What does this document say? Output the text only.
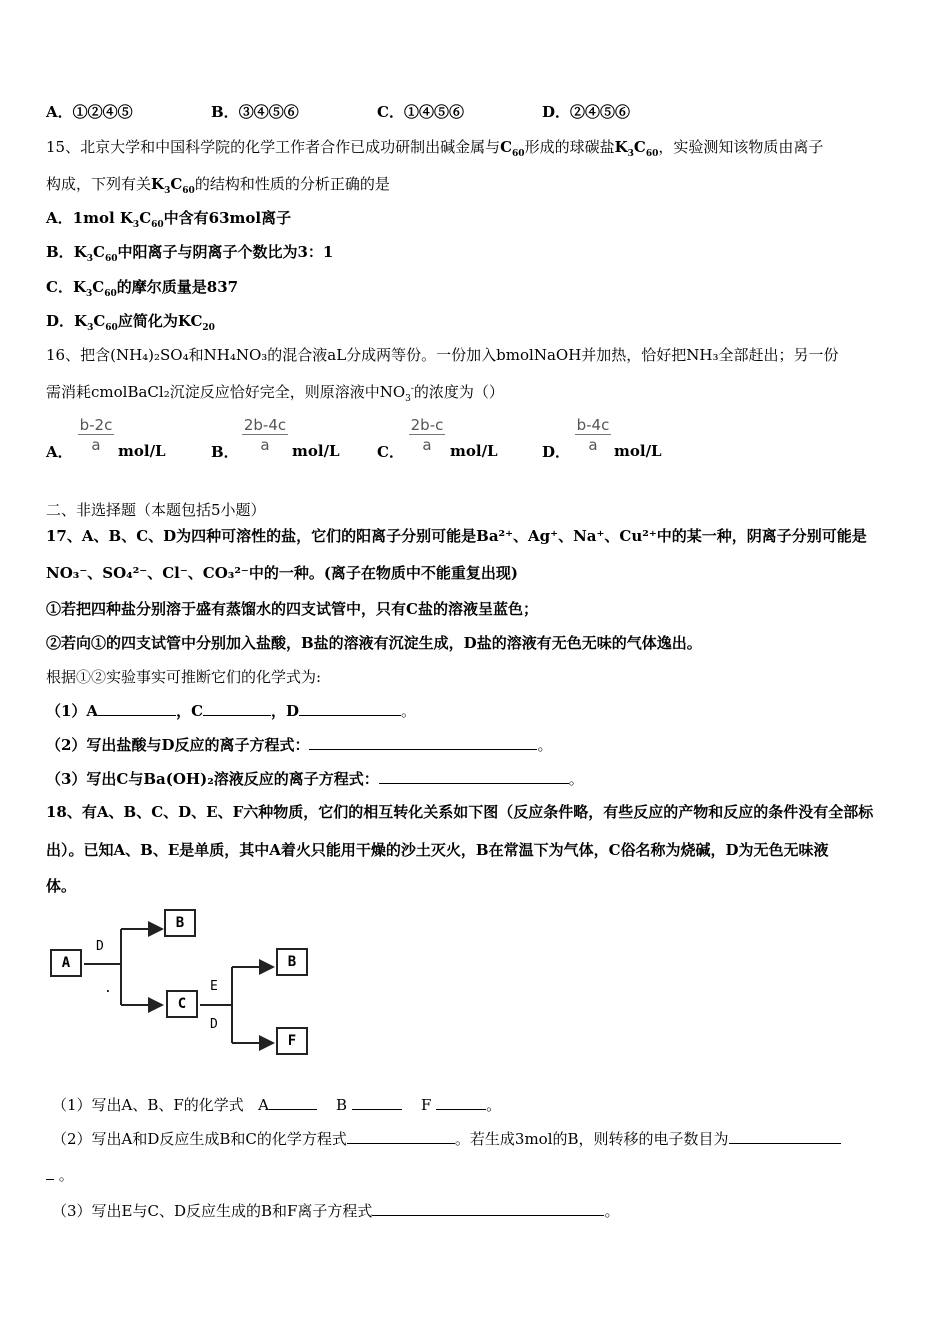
A．①②④⑤	B．③④⑤⑥	C．①④⑤⑥	D．②④⑤⑥
15、北京大学和中国科学院的化学工作者合作已成功研制出碱金属与$C_{60}$形成的球碳盐$K_3C_{60}$，实验测知该物质由离子
构成，下列有关$K_3C_{60}$的结构和性质的分析正确的是
A．1mol $K_3C_{60}$中含有63mol离子
B．$K_3C_{60}$中阳离子与阴离子个数比为3：1
C．$K_3C_{60}$的摩尔质量是837
D．$K_3C_{60}$应简化为$KC_{20}$
16、把含(NH₄)₂SO₄和NH₄NO₃的混合液aL分成两等份。一份加入bmolNaOH并加热，恰好把NH₃全部赶出；另一份
需消耗cmolBaCl₂沉淀反应恰好完全，则原溶液中$NO_3^-$的浓度为（）
A． $\frac{b-2c}{a} mol/L$	B． $\frac{2b-4c}{a} mol/L$ C． $\frac{2b-c}{a} mol/L$	D． $\frac{b-4c}{a} mol/L$
二、非选择题（本题包括5小题）
17、A、B、C、D为四种可溶性的盐，它们的阳离子分别可能是Ba²⁺、Ag⁺、Na⁺、Cu²⁺中的某一种，阴离子分别可能是
NO₃⁻、SO₄²⁻、Cl⁻、CO₃²⁻中的一种。(离子在物质中不能重复出现)
①若把四种盐分别溶于盛有蒸馏水的四支试管中，只有C盐的溶液呈蓝色；
②若向①的四支试管中分别加入盐酸，B盐的溶液有沉淀生成，D盐的溶液有无色无味的气体逸出。
根据①②实验事实可推断它们的化学式为:
（1）A	，C	，D	。
（2）写出盐酸与D反应的离子方程式：	。
（3）写出C与Ba(OH)₂溶液反应的离子方程式：	。
18、有A、B、C、D、E、F六种物质，它们的相互转化关系如下图（反应条件略，有些反应的产物和反应的条件没有全部标
出）。已知A、B、E是单质，其中A着火只能用干燥的沙土灭火，B在常温下为气体，C俗名称为烧碱，D为无色无味液
体。
A
B
C
B
F
D
.	E
D
（1）写出A、B、F的化学式 A	B	F	。
（2）写出A和D反应生成B和C的化学方程式	。若生成3mol的B，则转移的电子数目为
。
（3）写出E与C、D反应生成的B和F离子方程式	。
